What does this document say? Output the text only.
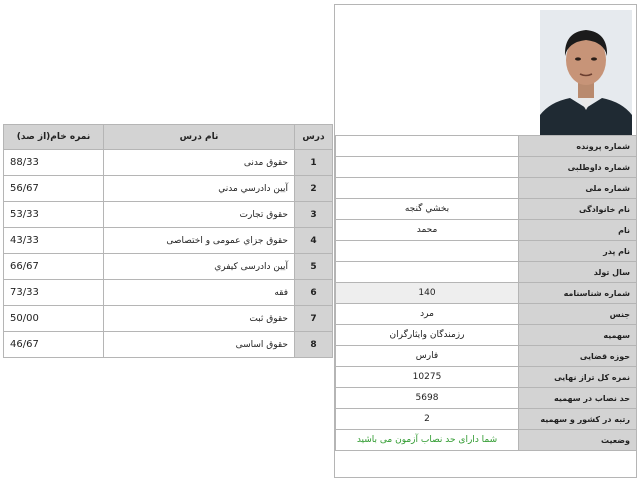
درس	نام درس	نمره خام(از صد)
1	حقوق مدنی	88/33
2	آيين دادرسي مدني	56/67
3	حقوق تجارت	53/33
4	حقوق جزاي عمومی و اختصاصی	43/33
5	آيين دادرسی كيفري	66/67
6	فقه	73/33
7	حقوق ثبت	50/00
8	حقوق اساسی	46/67
شماره پرونده	
شماره داوطلبی	
شماره ملی	
نام خانوادگی	بخشي گنجه
نام	محمد
نام پدر	
سال تولد	
شماره شناسنامه	140
جنس	مرد
سهمیه	رزمندگان وايثارگران
حوزه قضایی	فارس
نمره کل تراز نهایی	10275
حد نصاب در سهمیه	5698
رتبه در کشور و سهمیه	2
وضعیت	شما دارای حد نصاب آزمون می باشید
